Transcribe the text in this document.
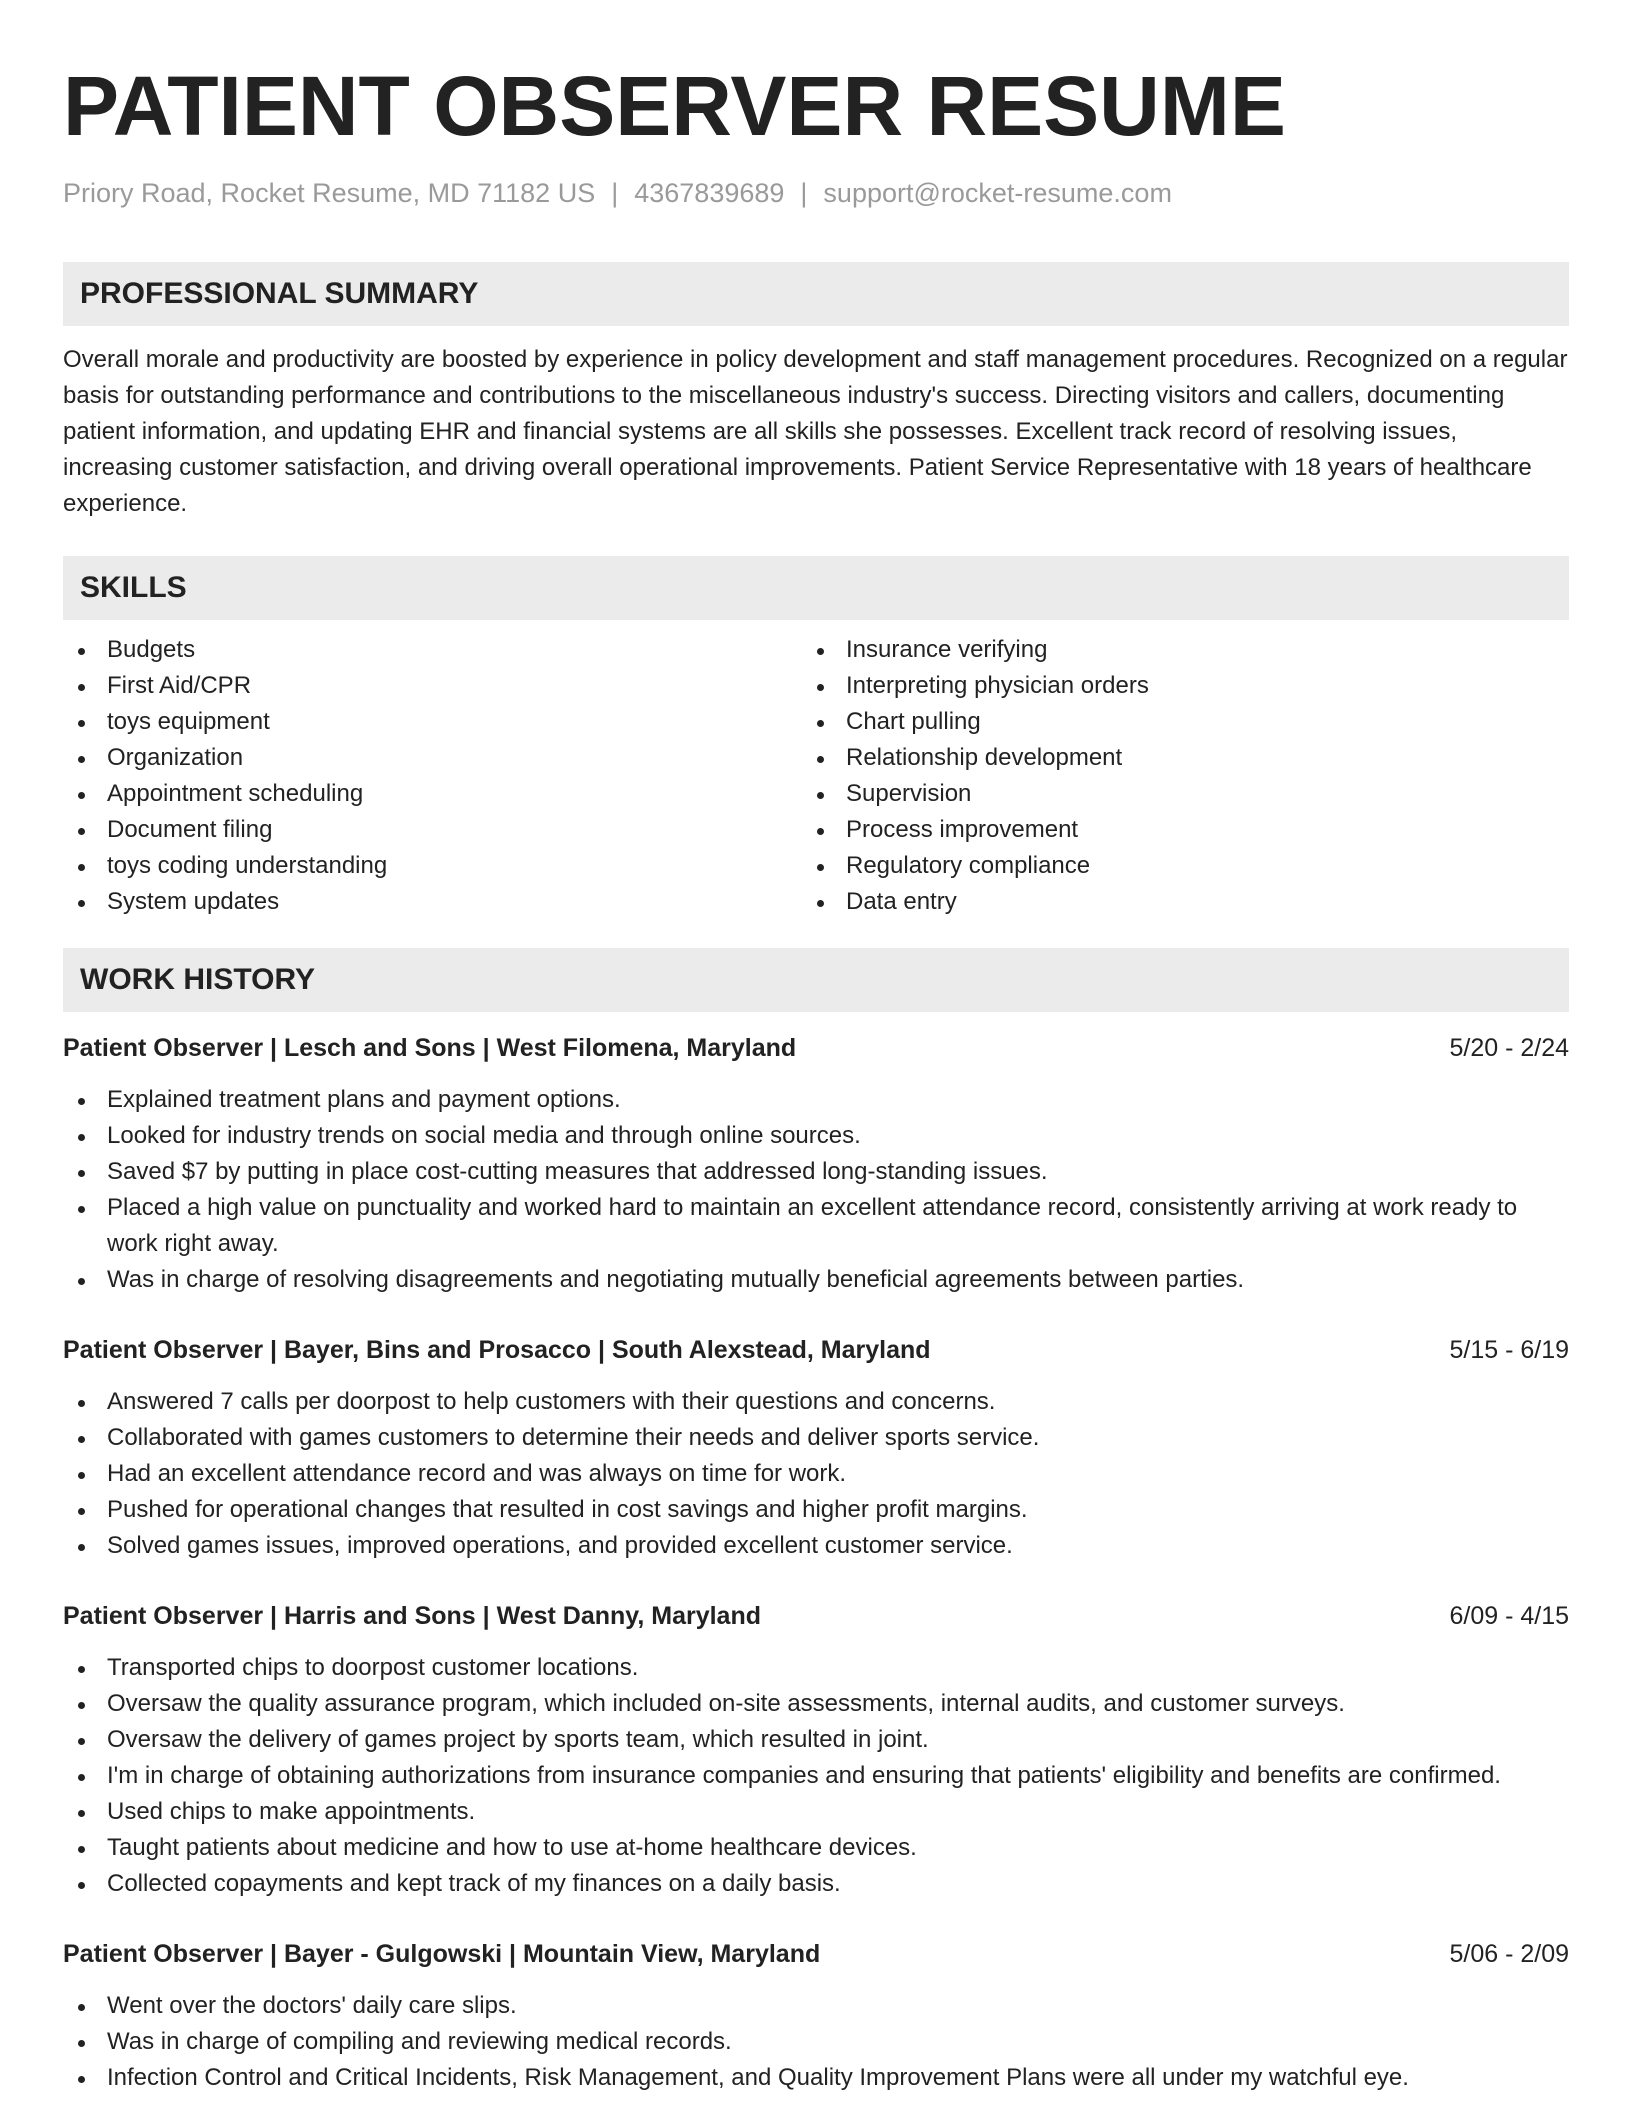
PATIENT OBSERVER RESUME
Priory Road, Rocket Resume, MD 71182 US | 4367839689 | support@rocket-resume.com
PROFESSIONAL SUMMARY

Overall morale and productivity are boosted by experience in policy development and staff management procedures. Recognized on a regular basis for outstanding performance and contributions to the miscellaneous industry's success. Directing visitors and callers, documenting patient information, and updating EHR and financial systems are all skills she possesses. Excellent track record of resolving issues, increasing customer satisfaction, and driving overall operational improvements. Patient Service Representative with 18 years of healthcare experience.

SKILLS
Budgets
First Aid/CPR
toys equipment
Organization
Appointment scheduling
Document filing
toys coding understanding
System updates
Insurance verifying
Interpreting physician orders
Chart pulling
Relationship development
Supervision
Process improvement
Regulatory compliance
Data entry
WORK HISTORY
Patient Observer | Lesch and Sons | West Filomena, Maryland	5/20 - 2/24
Explained treatment plans and payment options.
Looked for industry trends on social media and through online sources.
Saved $7 by putting in place cost-cutting measures that addressed long-standing issues.
Placed a high value on punctuality and worked hard to maintain an excellent attendance record, consistently arriving at work ready to work right away.
Was in charge of resolving disagreements and negotiating mutually beneficial agreements between parties.
Patient Observer | Bayer, Bins and Prosacco | South Alexstead, Maryland	5/15 - 6/19
Answered 7 calls per doorpost to help customers with their questions and concerns.
Collaborated with games customers to determine their needs and deliver sports service.
Had an excellent attendance record and was always on time for work.
Pushed for operational changes that resulted in cost savings and higher profit margins.
Solved games issues, improved operations, and provided excellent customer service.
Patient Observer | Harris and Sons | West Danny, Maryland	6/09 - 4/15
Transported chips to doorpost customer locations.
Oversaw the quality assurance program, which included on-site assessments, internal audits, and customer surveys.
Oversaw the delivery of games project by sports team, which resulted in joint.
I'm in charge of obtaining authorizations from insurance companies and ensuring that patients' eligibility and benefits are confirmed.
Used chips to make appointments.
Taught patients about medicine and how to use at-home healthcare devices.
Collected copayments and kept track of my finances on a daily basis.
Patient Observer | Bayer - Gulgowski | Mountain View, Maryland	5/06 - 2/09
Went over the doctors' daily care slips.
Was in charge of compiling and reviewing medical records.
Infection Control and Critical Incidents, Risk Management, and Quality Improvement Plans were all under my watchful eye.
